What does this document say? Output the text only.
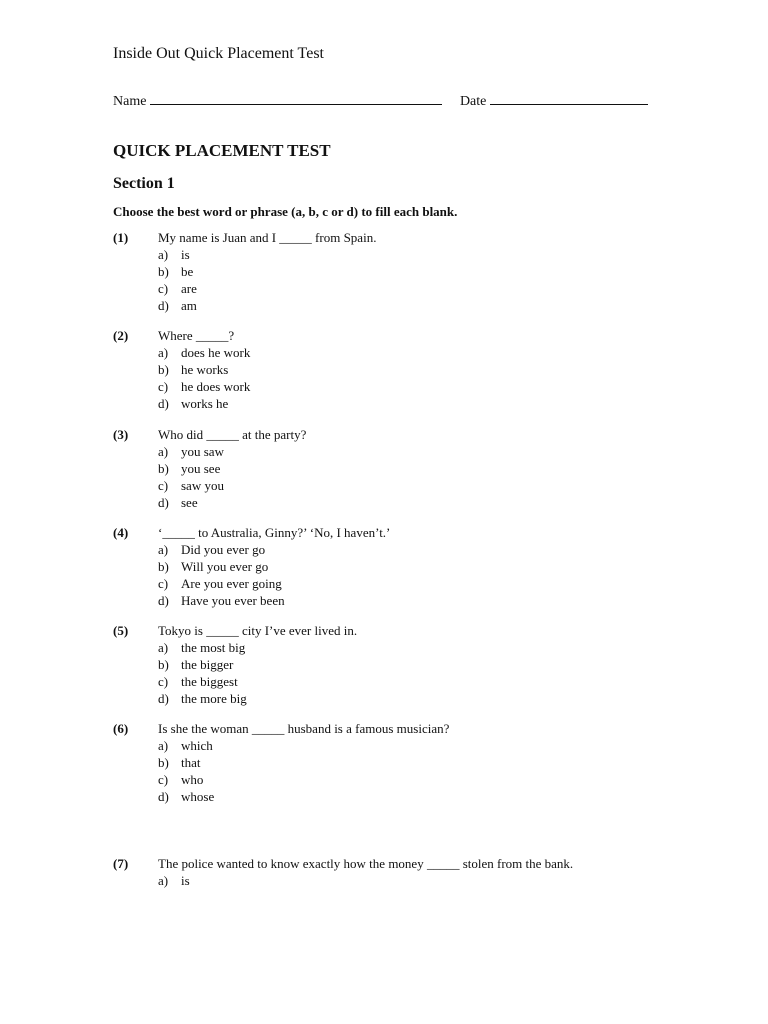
Inside Out Quick Placement Test
Name	Date
QUICK PLACEMENT TEST
Section 1
Choose the best word or phrase (a, b, c or d) to fill each blank.
(1) My name is Juan and I _____ from Spain.
a) is
b) be
c) are
d) am
(2) Where _____?
a) does he work
b) he works
c) he does work
d) works he
(3) Who did _____ at the party?
a) you saw
b) you see
c) saw you
d) see
(4) ‘_____ to Australia, Ginny?’ ‘No, I haven’t.’
a) Did you ever go
b) Will you ever go
c) Are you ever going
d) Have you ever been
(5) Tokyo is _____ city I’ve ever lived in.
a) the most big
b) the bigger
c) the biggest
d) the more big
(6) Is she the woman _____ husband is a famous musician?
a) which
b) that
c) who
d) whose
(7) The police wanted to know exactly how the money _____ stolen from the bank.
a) is
